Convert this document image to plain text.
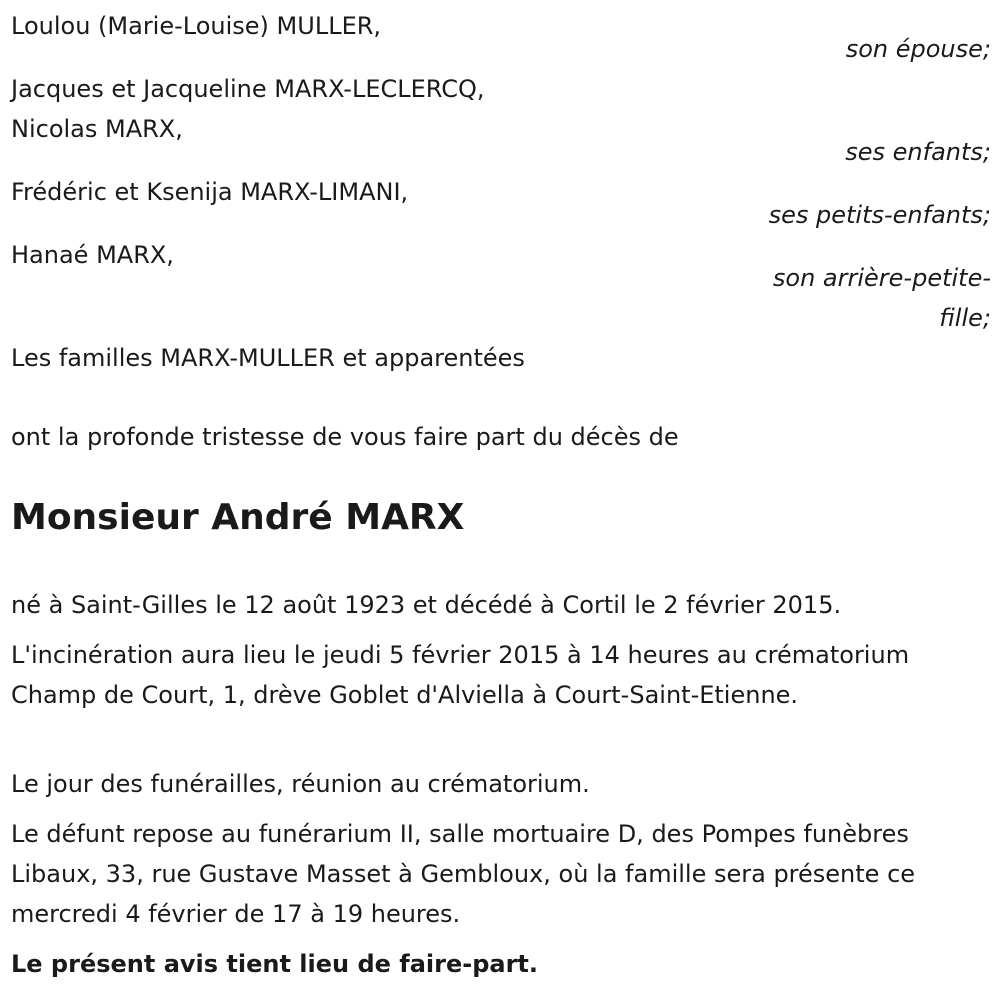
Loulou (Marie-Louise) MULLER,
son épouse;
Jacques et Jacqueline MARX-LECLERCQ,
Nicolas MARX,
ses enfants;
Frédéric et Ksenija MARX-LIMANI,
ses petits-enfants;
Hanaé MARX,
son arrière-petite-fille;
Les familles MARX-MULLER et apparentées
ont la profonde tristesse de vous faire part du décès de
Monsieur André MARX
né à Saint-Gilles le 12 août 1923 et décédé à Cortil le 2 février 2015.
L'incinération aura lieu le jeudi 5 février 2015 à 14 heures au crématorium Champ de Court, 1, drève Goblet d'Alviella à Court-Saint-Etienne.
Le jour des funérailles, réunion au crématorium.
Le défunt repose au funérarium II, salle mortuaire D, des Pompes funèbres Libaux, 33, rue Gustave Masset à Gembloux, où la famille sera présente ce mercredi 4 février de 17 à 19 heures.
Le présent avis tient lieu de faire-part.
